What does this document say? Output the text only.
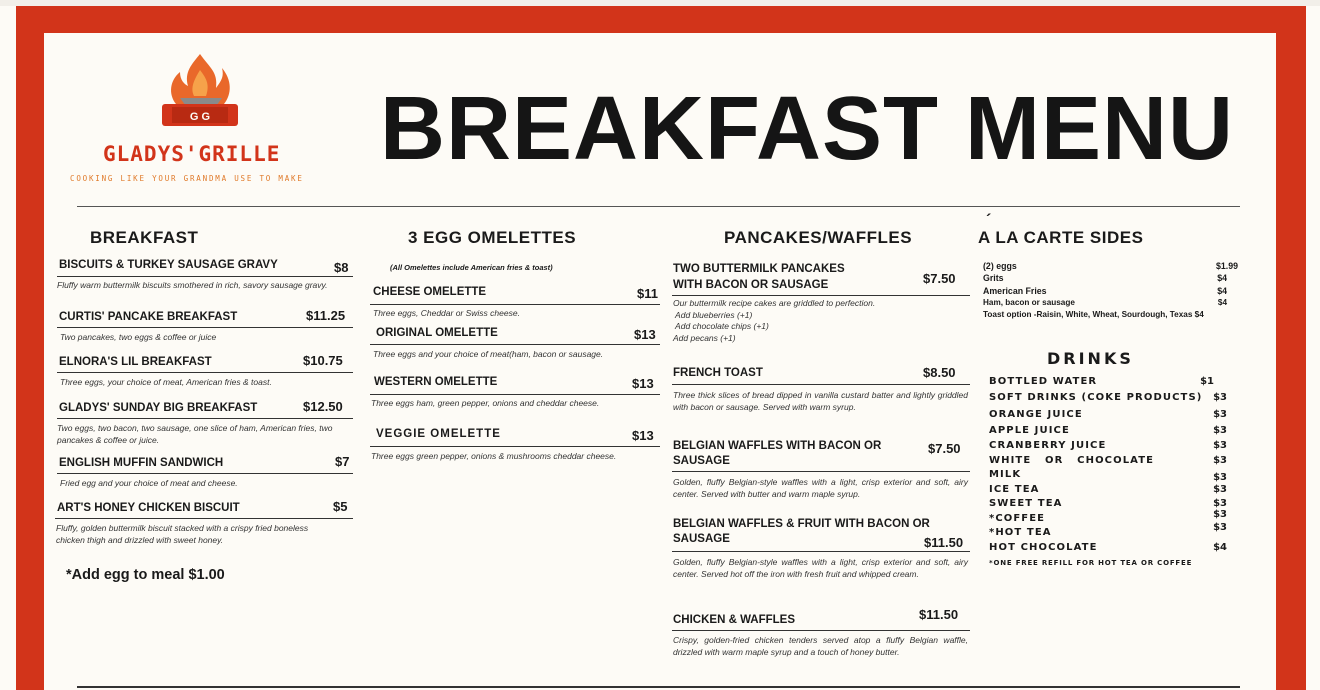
G G
GLADYS'GRILLE
COOKING LIKE YOUR GRANDMA USE TO MAKE BREAKFAST MENU
BREAKFAST
BISCUITS & TURKEY SAUSAGE GRAVY	$8
Fluffy warm buttermilk biscuits smothered in rich, savory sausage gravy.
CURTIS' PANCAKE BREAKFAST	$11.25
Two pancakes, two eggs & coffee or juice
ELNORA'S LIL BREAKFAST	$10.75
Three eggs, your choice of meat, American fries & toast.
GLADYS' SUNDAY BIG BREAKFAST	$12.50
Two eggs, two bacon, two sausage, one slice of ham, American fries, two pancakes & coffee or juice.
ENGLISH MUFFIN SANDWICH	$7
Fried egg and your choice of meat and cheese.
ART'S HONEY CHICKEN BISCUIT	$5
Fluffy, golden buttermilk biscuit stacked with a crispy fried boneless chicken thigh and drizzled with sweet honey.
*Add egg to meal $1.00
3 EGG OMELETTES
(All Omelettes include American fries & toast)
CHEESE OMELETTE	$11
Three eggs, Cheddar or Swiss cheese.
ORIGINAL OMELETTE	$13
Three eggs and your choice of meat(ham, bacon or sausage.
WESTERN OMELETTE	$13
Three eggs ham, green pepper, onions and cheddar cheese.
VEGGIE OMELETTE	$13
Three eggs green pepper, onions & mushrooms cheddar cheese.
PANCAKES/WAFFLES
TWO BUTTERMILK PANCAKES
WITH BACON OR SAUSAGE	$7.50
Our buttermilk recipe cakes are griddled to perfection.
Add blueberries (+1)
Add chocolate chips (+1)
Add pecans (+1)
FRENCH TOAST	$8.50
Three thick slices of bread dipped in vanilla custard batter and lightly griddled with bacon or sausage. Served with warm syrup.
BELGIAN WAFFLES WITH BACON OR
SAUSAGE
$7.50
Golden, fluffy Belgian-style waffles with a light, crisp exterior and soft, airy center. Served with butter and warm maple syrup.
BELGIAN WAFFLES & FRUIT WITH BACON OR
SAUSAGE	$11.50
Golden, fluffy Belgian-style waffles with a light, crisp exterior and soft, airy center. Served hot off the iron with fresh fruit and whipped cream.
CHICKEN & WAFFLES	$11.50
Crispy, golden-fried chicken tenders served atop a fluffy Belgian waffle, drizzled with warm maple syrup and a touch of honey butter.
´
A LA CARTE SIDES
(2) eggs	$1.99
Grits	$4
American Fries	$4
Ham, bacon or sausage	$4
Toast option -Raisin, White, Wheat, Sourdough, Texas $4
DRINKS
BOTTLED WATER	$1
SOFT DRINKS (COKE PRODUCTS) $3
ORANGE JUICE	$3
APPLE JUICE	$3
CRANBERRY JUICE	$3
WHITE   OR   CHOCOLATE	$3
MILK	$3
ICE TEA	$3
SWEET TEA	$3
*COFFEE	$3
*HOT TEA	$3
HOT CHOCOLATE	$4
*ONE FREE REFILL FOR HOT TEA OR COFFEE
